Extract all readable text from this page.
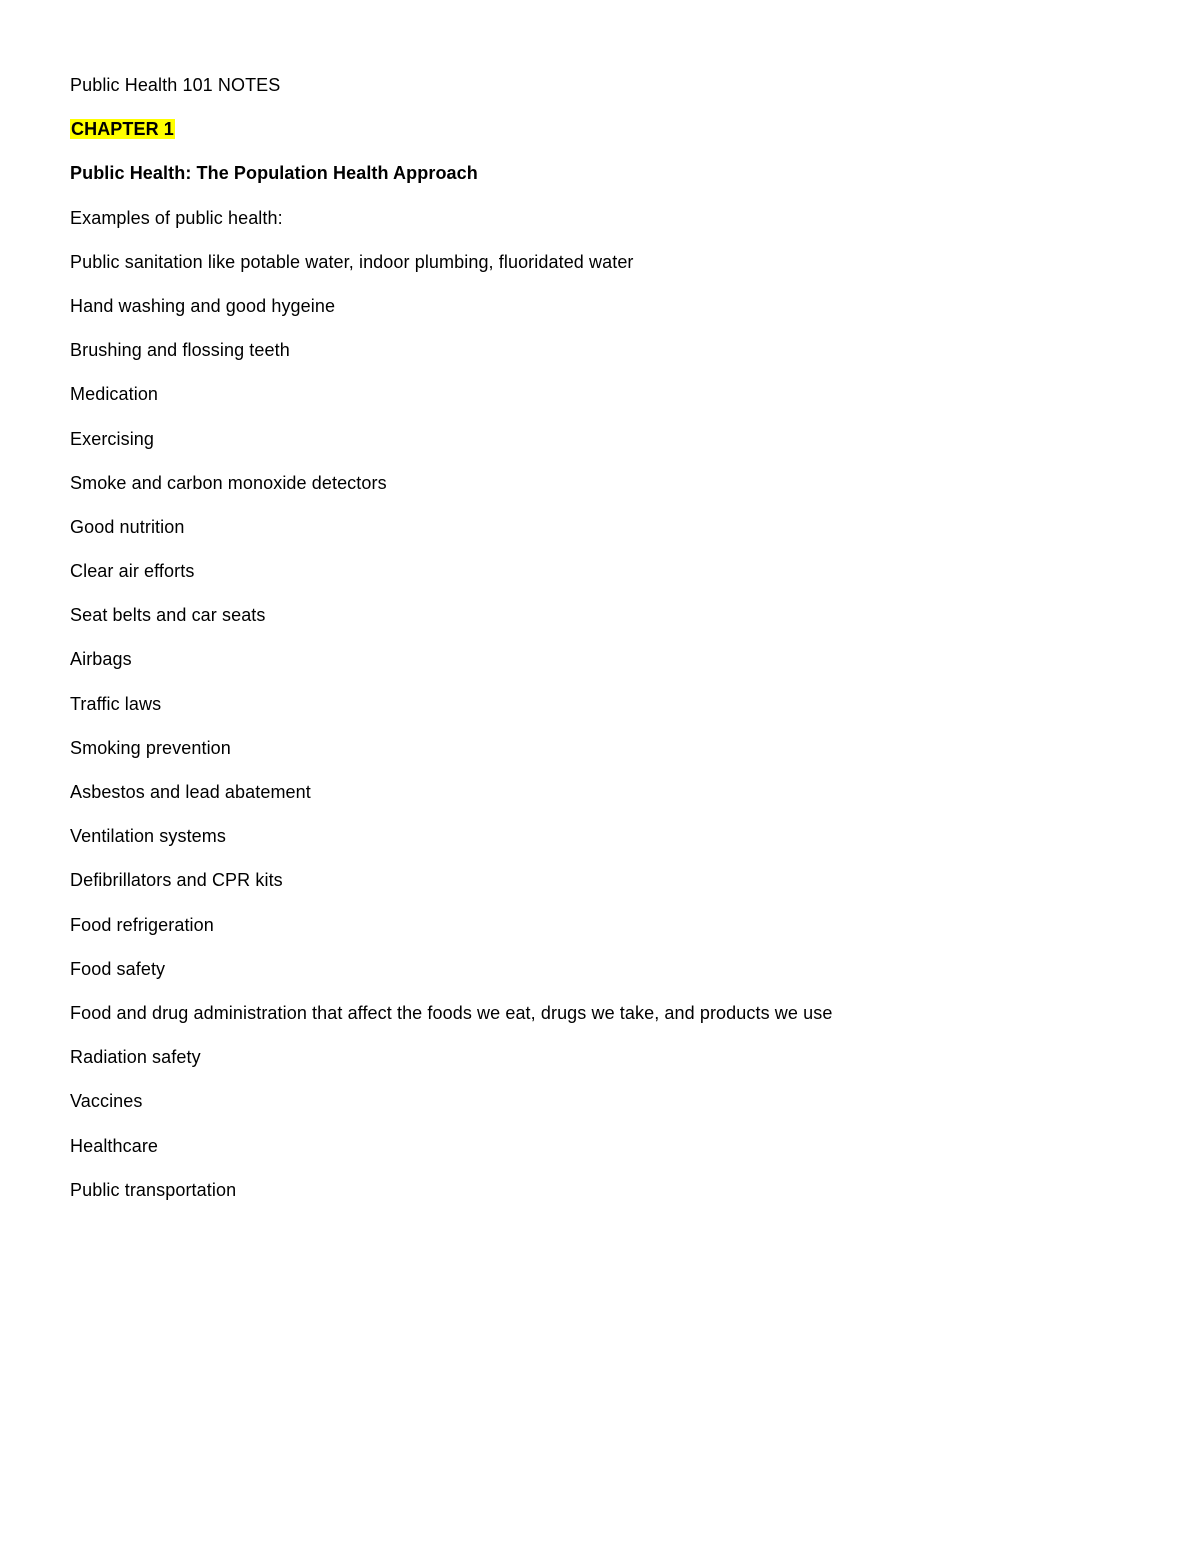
Public Health 101 NOTES
CHAPTER 1
Public Health: The Population Health Approach
Examples of public health:
Public sanitation like potable water, indoor plumbing, fluoridated water
Hand washing and good hygeine
Brushing and flossing teeth
Medication
Exercising
Smoke and carbon monoxide detectors
Good nutrition
Clear air efforts
Seat belts and car seats
Airbags
Traffic laws
Smoking prevention
Asbestos and lead abatement
Ventilation systems
Defibrillators and CPR kits
Food refrigeration
Food safety
Food and drug administration that affect the foods we eat, drugs we take, and products we use
Radiation safety
Vaccines
Healthcare
Public transportation
